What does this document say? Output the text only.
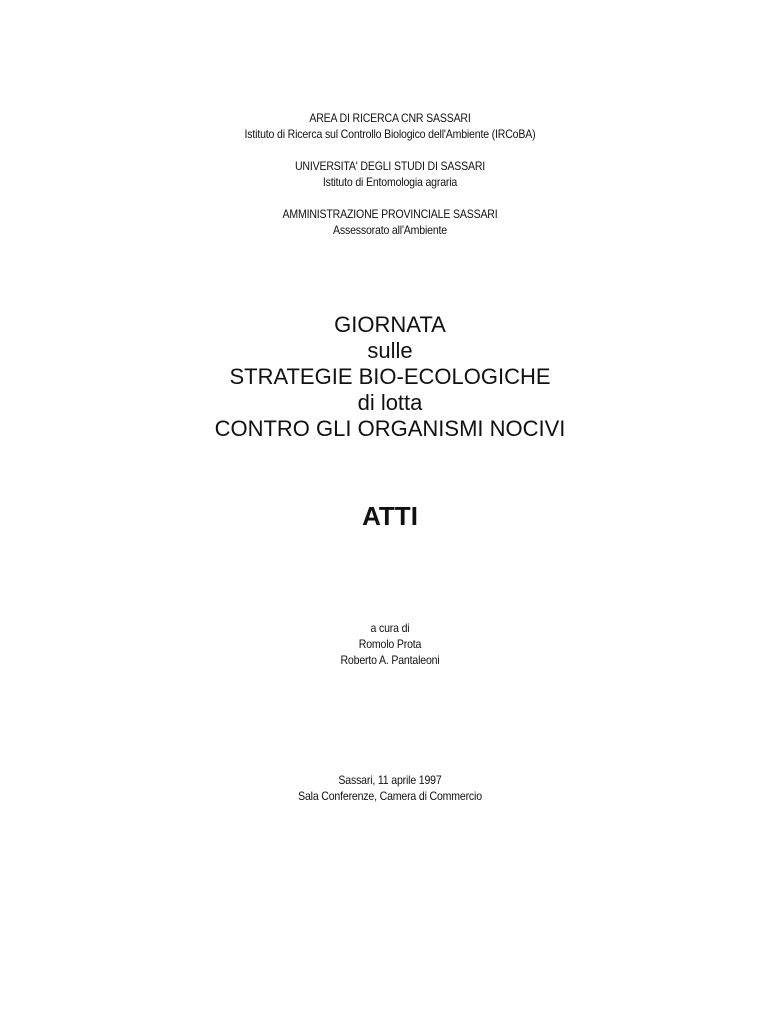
AREA DI RICERCA CNR SASSARI
Istituto di Ricerca sul Controllo Biologico dell'Ambiente (IRCoBA)
UNIVERSITA' DEGLI STUDI DI SASSARI
Istituto di Entomologia agraria
AMMINISTRAZIONE PROVINCIALE SASSARI
Assessorato all'Ambiente
GIORNATA
sulle
STRATEGIE BIO-ECOLOGICHE
di lotta
CONTRO GLI ORGANISMI NOCIVI
ATTI
a cura di
Romolo Prota
Roberto A. Pantaleoni
Sassari, 11 aprile 1997
Sala Conferenze, Camera di Commercio
